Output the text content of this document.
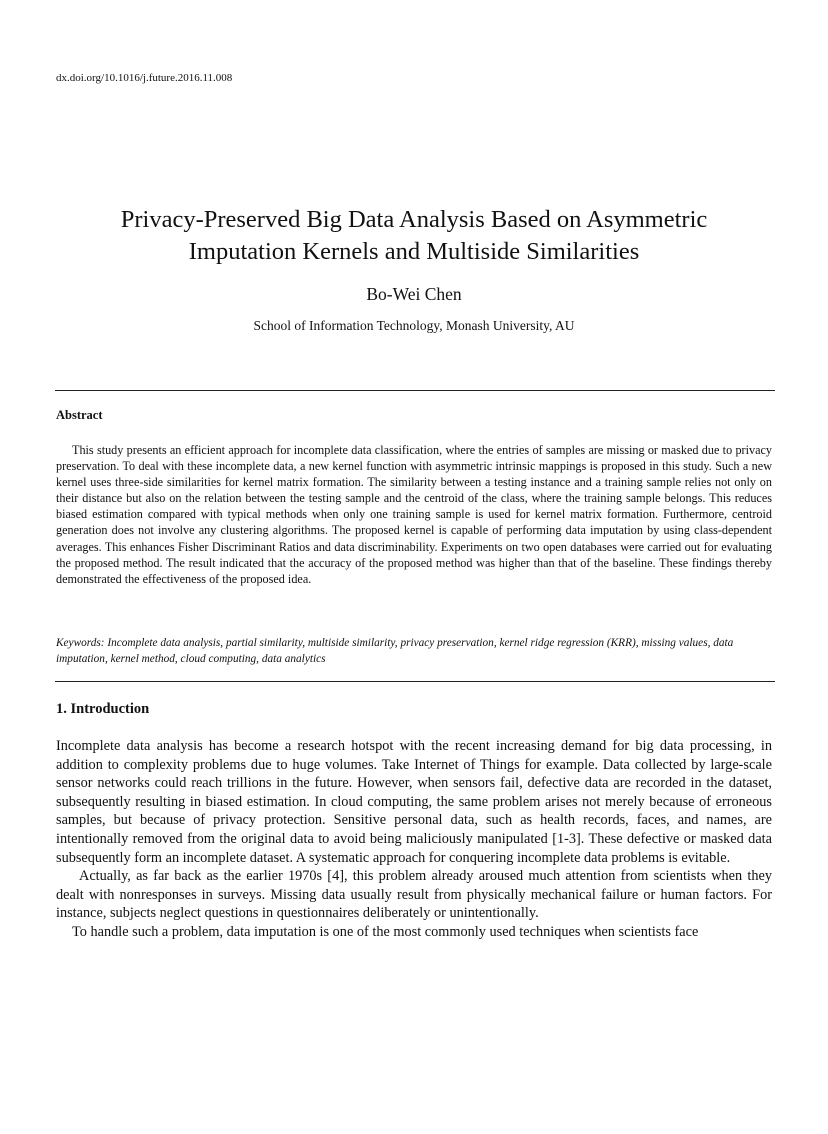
dx.doi.org/10.1016/j.future.2016.11.008
Privacy-Preserved Big Data Analysis Based on Asymmetric
Imputation Kernels and Multiside Similarities
Bo-Wei Chen
School of Information Technology, Monash University, AU
Abstract

This study presents an efficient approach for incomplete data classification, where the entries of samples are missing or masked due to privacy preservation. To deal with these incomplete data, a new kernel function with asymmetric intrinsic mappings is proposed in this study. Such a new kernel uses three-side similarities for kernel matrix formation. The similarity between a testing instance and a training sample relies not only on their distance but also on the relation between the testing sample and the centroid of the class, where the training sample belongs. This reduces biased estimation compared with typical methods when only one training sample is used for kernel matrix formation. Furthermore, centroid generation does not involve any clustering algorithms. The proposed kernel is capable of performing data imputation by using class-dependent averages. This enhances Fisher Discriminant Ratios and data discriminability. Experiments on two open databases were carried out for evaluating the proposed method. The result indicated that the accuracy of the proposed method was higher than that of the baseline. These findings thereby demonstrated the effectiveness of the proposed idea.

Keywords: Incomplete data analysis, partial similarity, multiside similarity, privacy preservation, kernel ridge regression (KRR), missing values, data imputation, kernel method, cloud computing, data analytics

1. Introduction

Incomplete data analysis has become a research hotspot with the recent increasing demand for big data processing, in addition to complexity problems due to huge volumes. Take Internet of Things for example. Data collected by large-scale sensor networks could reach trillions in the future. However, when sensors fail, defective data are recorded in the dataset, subsequently resulting in biased estimation. In cloud computing, the same problem arises not merely because of erroneous samples, but because of privacy protection. Sensitive personal data, such as health records, faces, and names, are intentionally removed from the original data to avoid being maliciously manipulated [1-3]. These defective or masked data subsequently form an incomplete dataset. A systematic approach for conquering incomplete data problems is evitable.

Actually, as far back as the earlier 1970s [4], this problem already aroused much attention from scientists when they dealt with nonresponses in surveys. Missing data usually result from physically mechanical failure or human factors. For instance, subjects neglect questions in questionnaires deliberately or unintentionally.

To handle such a problem, data imputation is one of the most commonly used techniques when scientists face
